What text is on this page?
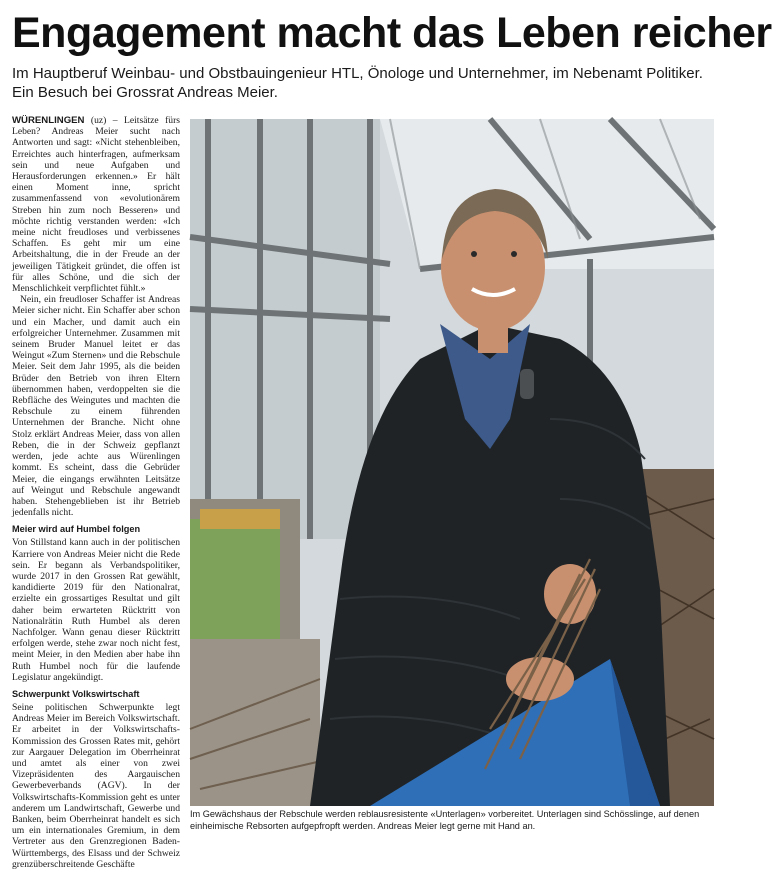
Engagement macht das Leben reicher
Im Hauptberuf Weinbau- und Obstbauingenieur HTL, Önologe und Unternehmer, im Nebenamt Politiker.
Ein Besuch bei Grossrat Andreas Meier.

WÜRENLINGEN (uz) – Leitsätze fürs Leben? Andreas Meier sucht nach Antworten und sagt: «Nicht stehenbleiben, Erreichtes auch hinterfragen, aufmerksam sein und neue Aufgaben und Herausforderungen erkennen.» Er hält einen Moment inne, spricht zusammenfassend von «evolutionärem Streben hin zum noch Besseren» und möchte richtig verstanden werden: «Ich meine nicht freudloses und verbissenes Schaffen. Es geht mir um eine Arbeitshaltung, die in der Freude an der jeweiligen Tätigkeit gründet, die offen ist für alles Schöne, und die sich der Menschlichkeit verpflichtet fühlt.»

Nein, ein freudloser Schaffer ist Andreas Meier sicher nicht. Ein Schaffer aber schon und ein Macher, und damit auch ein erfolgreicher Unternehmer. Zusammen mit seinem Bruder Manuel leitet er das Weingut «Zum Sternen» und die Rebschule Meier. Seit dem Jahr 1995, als die beiden Brüder den Betrieb von ihren Eltern übernommen haben, verdoppelten sie die Rebfläche des Weingutes und machten die Rebschule zu einem führenden Unternehmen der Branche. Nicht ohne Stolz erklärt Andreas Meier, dass von allen Reben, die in der Schweiz gepflanzt werden, jede achte aus Würenlingen kommt. Es scheint, dass die Gebrüder Meier, die eingangs erwähnten Leitsätze auf Weingut und Rebschule angewandt haben. Stehengeblieben ist ihr Betrieb jedenfalls nicht.

Meier wird auf Humbel folgen

Von Stillstand kann auch in der politischen Karriere von Andreas Meier nicht die Rede sein. Er begann als Verbandspolitiker, wurde 2017 in den Grossen Rat gewählt, kandidierte 2019 für den Nationalrat, erzielte ein grossartiges Resultat und gilt daher beim erwarteten Rücktritt von Nationalrätin Ruth Humbel als deren Nachfolger. Wann genau dieser Rücktritt erfolgen werde, stehe zwar noch nicht fest, meint Meier, in den Medien aber habe ihn Ruth Humbel noch für die laufende Legislatur angekündigt.

Schwerpunkt Volkswirtschaft

Seine politischen Schwerpunkte legt Andreas Meier im Bereich Volkswirtschaft. Er arbeitet in der Volkswirtschafts-Kommission des Grossen Rates mit, gehört zur Aargauer Delegation im Oberrheinrat und amtet als einer von zwei Vizepräsidenten des Aargauischen Gewerbeverbands (AGV). In der Volkswirtschafts-Kommission geht es unter anderem um Landwirtschaft, Gewerbe und Banken, beim Oberrheinrat handelt es sich um ein internationales Gremium, in dem Vertreter aus den Grenzregionen Baden-Württembergs, des Elsass und der Schweiz grenzüberschreitende Geschäfte

Im Gewächshaus der Rebschule werden reblausresistente «Unterlagen» vorbereitet. Unterlagen sind Schösslinge, auf denen
einheimische Rebsorten aufgepfropft werden. Andreas Meier legt gerne mit Hand an.
